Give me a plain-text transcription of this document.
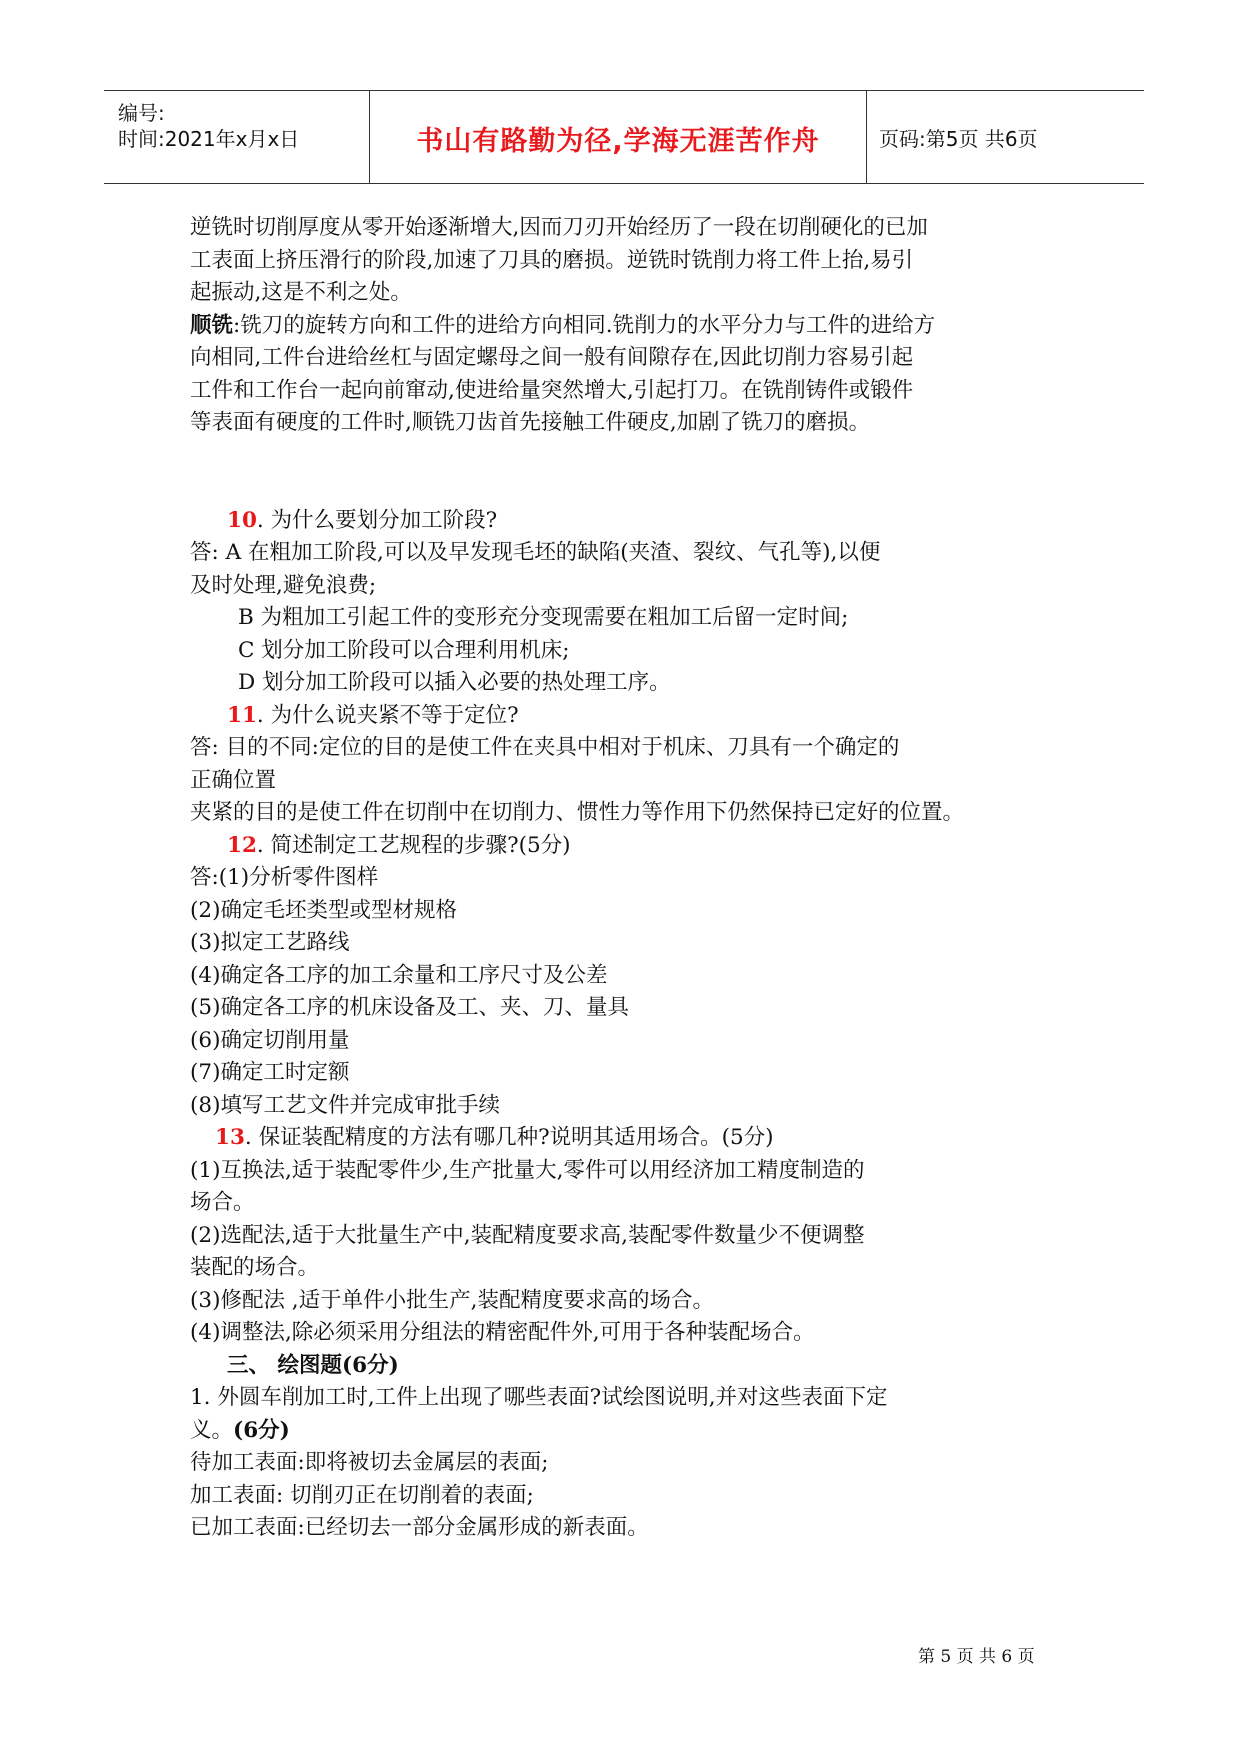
编号:
时间:2021年x月x日	书山有路勤为径,学海无涯苦作舟	页码:第5页 共6页
逆铣时切削厚度从零开始逐渐增大,因而刀刃开始经历了一段在切削硬化的已加
工表面上挤压滑行的阶段,加速了刀具的磨损。逆铣时铣削力将工件上抬,易引
起振动,这是不利之处。
顺铣:铣刀的旋转方向和工件的进给方向相同.铣削力的水平分力与工件的进给方
向相同,工件台进给丝杠与固定螺母之间一般有间隙存在,因此切削力容易引起
工件和工作台一起向前窜动,使进给量突然增大,引起打刀。在铣削铸件或锻件
等表面有硬度的工件时,顺铣刀齿首先接触工件硬皮,加剧了铣刀的磨损。
10. 为什么要划分加工阶段?
答: A 在粗加工阶段,可以及早发现毛坯的缺陷(夹渣、裂纹、气孔等),以便
及时处理,避免浪费;
B 为粗加工引起工件的变形充分变现需要在粗加工后留一定时间;
C 划分加工阶段可以合理利用机床;
D 划分加工阶段可以插入必要的热处理工序。
11. 为什么说夹紧不等于定位?
答: 目的不同:定位的目的是使工件在夹具中相对于机床、刀具有一个确定的
正确位置
夹紧的目的是使工件在切削中在切削力、惯性力等作用下仍然保持已定好的位置。
12. 简述制定工艺规程的步骤?(5分)
答:(1)分析零件图样
(2)确定毛坯类型或型材规格
(3)拟定工艺路线
(4)确定各工序的加工余量和工序尺寸及公差
(5)确定各工序的机床设备及工、夹、刀、量具
(6)确定切削用量
(7)确定工时定额
(8)填写工艺文件并完成审批手续
13. 保证装配精度的方法有哪几种?说明其适用场合。(5分)
(1)互换法,适于装配零件少,生产批量大,零件可以用经济加工精度制造的
场合。
(2)选配法,适于大批量生产中,装配精度要求高,装配零件数量少不便调整
装配的场合。
(3)修配法 ,适于单件小批生产,装配精度要求高的场合。
(4)调整法,除必须采用分组法的精密配件外,可用于各种装配场合。
三、 绘图题(6分)
1. 外圆车削加工时,工件上出现了哪些表面?试绘图说明,并对这些表面下定
义。(6分)
待加工表面:即将被切去金属层的表面;
加工表面: 切削刃正在切削着的表面;
已加工表面:已经切去一部分金属形成的新表面。
第 5 页 共 6 页
